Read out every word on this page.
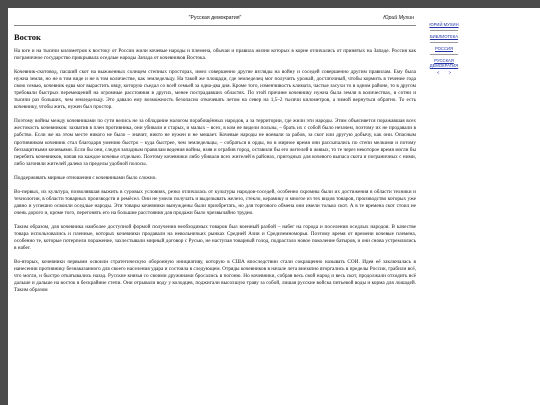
"Русская демократия"	Юрий Мухин
Восток

На юге и на тысячи километров к востоку от России жили кочевые народы и племена, обычаи и правила жизни которых в корне отличались от принятых на Западе. Россия как пограничное государство прикрывала оседлые народы Запада от кочевников Востока.

Кочевник-скотовод, пасший скот на выжженных солнцем степных просторах, имел совершенно другие взгляды на войну и соседей совершенно другим правилам. Ему была нужна земля, но не в том виде и не в том количестве, как земледельцу. На такой же площади, где земледелец мог получить урожай, достаточный, чтобы кормить в течение года свою семью, кочевник едва мог вырастить овцу, которую съедал со всей семьей за одна-два дня. Кроме того, изменчивость климата, частые засухи то в одном районе, то в другом требовали быстрых перемещений на огромные расстояния в других, менее пострадавших областях. По этой причине кочевнику нужна была земля в количествах, в сотни и тысячи раз больших, чем земледельцу. Это давало ему возможность безопасно откочевать летом на север на 1,5–2 тысячи километров, а зимой вернуться обратно. То есть кочевнику, чтобы жить, нужен был простор.

Поэтому войны между кочевниками по сути велись не за обладание налогом порабощённых народов, а за территории, где жили эти народы. Этим объясняется поражавшая всех жестокость кочевников: захватив в плен противника, они убивали и старых, и малых – всех, в ком не видели пользы, – брать их с собой было незачем, поэтому их не продавали в рабство. Если же на этом месте никого не было – значит, никто не нужен и не мешает. Кочевые народы не воевали за рабов, за скот или другую добычу, как они. Опасным противником кочевник стал благодаря умению быстро – куда быстрее, чем земледельцы, – собраться в орды, но в мирное время они рассыпались по степи мелкими и потому беззащитными кочевьями. Если бы они, следуя западным правилам ведения войны, взяв и ограбив город, оставили бы его жителей в живых, то те через некоторое время могли бы перебить кочевников, напав на каждое кочевье отдельно. Поэтому кочевники либо убивали всех жителей в районах, пригодных для кочевого выпаса скота и пограничных с ними, либо загоняли жителей далеко за пределы удобной полосы.

Поддерживать мирные отношения с кочевниками было сложно.

Во-первых, их культура, позволявшая выжить в суровых условиях, резко отличалась от культуры народов-соседей, особенно скромны были их достижения в области техники и технологии, в области товарных производств и ремёсел. Они не умели получать и выделывать железо, стекло, керамику и многое из тех видов товаров, производство которых уже давно и успешно освоили оседлые народы. Эти товары кочевники вынуждены были приобретать, но для торгового обмена они имели только скот. А в те времена скот стоил не очень дорого и, кроме того, перегонять его на большие расстояния для продажи было чрезвычайно трудно.

Таким образом, для кочевника наиболее доступной формой получения необходимых товаров был военный разбой – набег на города и поселения оседлых народов. В качестве товара использовались и пленные, которых кочевники продавали на невольничьих рынках Средней Азии и Средиземноморья. Поэтому время от времени кочевые племена, особенно те, которые потерпели поражение, захлестывали мирный договор с Русью, не наступая товарный голод, подрастало новое поколение батыров, и они снова устремлялись в набег.

Во-вторых, кочевники первыми освоили стратегическую оборонную инициативу, которую в США впоследствии стали сокращенно называть СОИ. Идея её заключалась в нанесении противнику безнаказанного для своего населения удара и состояла в следующем. Отряды кочевников в начале лета внезапно вторгались в пределы России, грабили всё, что могли, и быстро откатывались назад. Русские князья со своими дружинами бросались в погоню. Но кочевники, собрав весь свой народ и весь скот, продолжали отходить всё дальше и дальше на восток в бескрайние степи. Они отрывали воду у колодцев, поджигали высохшую траву за собой, лишая русские войска питьевой воды и корма для лошадей. Таким образом

ЮРИЙ МУХИН
БИБЛИОТЕКА
РОССИЯ
РУССКАЯ ДЕМОКРАТИЯ
< >
